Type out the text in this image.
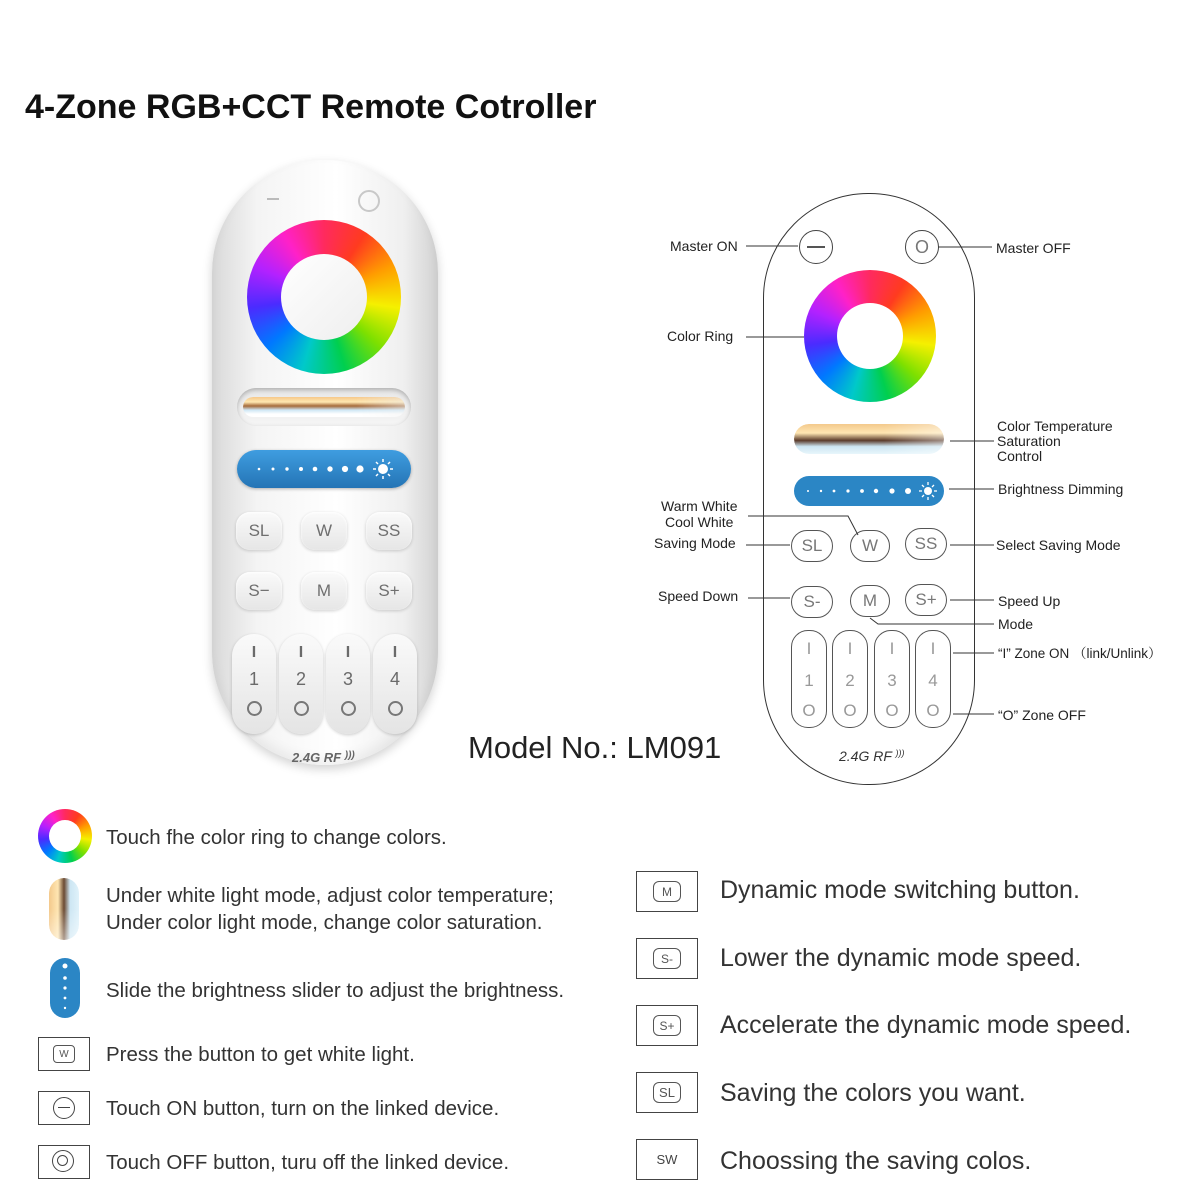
4-Zone RGB+CCT Remote Cotroller
SL	W	SS
S−	M	S+
I
1
I
2
I
3
I
4
2.4G RF )))
O
SL W SS
S- M S+
I
1
O
I
2
O
I
3
O
I
4
O
2.4G RF )))
Master ON	Master OFF
Color Ring
Color Temperature
Saturation
Control
Brightness Dimming
Warm White
Cool White
Saving Mode	Select Saving Mode
Speed Down	Speed Up
Mode
“I” Zone ON （link/Unlink）
“O” Zone OFF
Model No.: LM091
Touch fhe color ring to change colors.
Under white light mode, adjust color temperature;
Under color light mode, change color saturation.
Slide the brightness slider to adjust the brightness.
W Press the button to get white light.
Touch ON button, turn on the linked device.
Touch OFF button, turu off the linked device.
M Dynamic mode switching button.
S- Lower the dynamic mode speed.
S+ Accelerate the dynamic mode speed.
SL Saving the colors you want.
SW	Choossing the saving colos.
